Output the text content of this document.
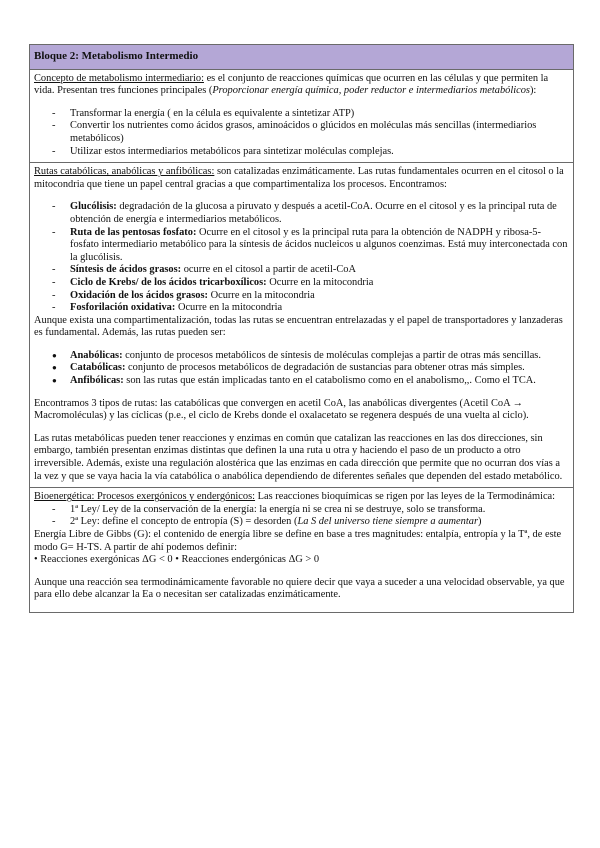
Bloque 2: Metabolismo Intermedio

Concepto de metabolismo intermediario: es el conjunto de reacciones químicas que ocurren en las células y que permiten la vida. Presentan tres funciones principales (Proporcionar energía química, poder reductor e intermediarios metabólicos):

- Transformar la energía ( en la célula es equivalente a sintetizar ATP)
- Convertir los nutrientes como ácidos grasos, aminoácidos o glúcidos en moléculas más sencillas (intermediarios metabólicos)
- Utilizar estos intermediarios metabólicos para sintetizar moléculas complejas.

Rutas catabólicas, anabólicas y anfibólicas: son catalizadas enzimáticamente. Las rutas fundamentales ocurren en el citosol o la mitocondria que tiene un papel central gracias a que compartimentaliza los procesos. Encontramos:

- Glucólisis: degradación de la glucosa a piruvato y después a acetil-CoA. Ocurre en el citosol y es la principal ruta de obtención de energía e intermediarios metabólicos.
- Ruta de las pentosas fosfato: Ocurre en el citosol y es la principal ruta para la obtención de NADPH y ribosa-5-fosfato intermediario metabólico para la síntesis de ácidos nucleicos u algunos coenzimas. Está muy interconectada con la glucólisis.
- Síntesis de ácidos grasos: ocurre en el citosol a partir de acetil-CoA
- Ciclo de Krebs/ de los ácidos tricarboxílicos: Ocurre en la mitocondria
- Oxidación de los ácidos grasos: Ocurre en la mitocondria
- Fosforilación oxidativa: Ocurre en la mitocondria

Aunque exista una compartimentalización, todas las rutas se encuentran entrelazadas y el papel de transportadores y lanzaderas es fundamental. Además, las rutas pueden ser:

● Anabólicas: conjunto de procesos metabólicos de síntesis de moléculas complejas a partir de otras más sencillas.
● Catabólicas: conjunto de procesos metabólicos de degradación de sustancias para obtener otras más simples.
● Anfibólicas: son las rutas que están implicadas tanto en el catabolismo como en el anabolismo,,. Como el TCA.

Encontramos 3 tipos de rutas: las catabólicas que convergen en acetil CoA, las anabólicas divergentes (Acetil CoA → Macromoléculas) y las cíclicas (p.e., el ciclo de Krebs donde el oxalacetato se regenera después de una vuelta al ciclo).

Las rutas metabólicas pueden tener reacciones y enzimas en común que catalizan las reacciones en las dos direcciones, sin embargo, también presentan enzimas distintas que definen la una ruta u otra y haciendo el paso de un producto a otro irreversible. Además, existe una regulación alostérica que las enzimas en cada dirección que permite que no ocurran dos vías a la vez y que se vaya hacia la vía catabólica o anabólica dependiendo de diferentes señales que dependen del estado metabólico.

Bioenergética: Procesos exergónicos y endergónicos: Las reacciones bioquímicas se rigen por las leyes de la Termodinámica:

- 1ª Ley/ Ley de la conservación de la energía: la energía ni se crea ni se destruye, solo se transforma.
- 2ª Ley: define el concepto de entropía (S) = desorden (La S del universo tiene siempre a aumentar)

Energía Libre de Gibbs (G): el contenido de energía libre se define en base a tres magnitudes: entalpía, entropía y la Tª, de este modo G= H-TS. A partir de ahí podemos definir:

• Reacciones exergónicas ΔG < 0 • Reacciones endergónicas ΔG > 0

Aunque una reacción sea termodinámicamente favorable no quiere decir que vaya a suceder a una velocidad observable, ya que para ello debe alcanzar la Ea o necesitan ser catalizadas enzimáticamente.
